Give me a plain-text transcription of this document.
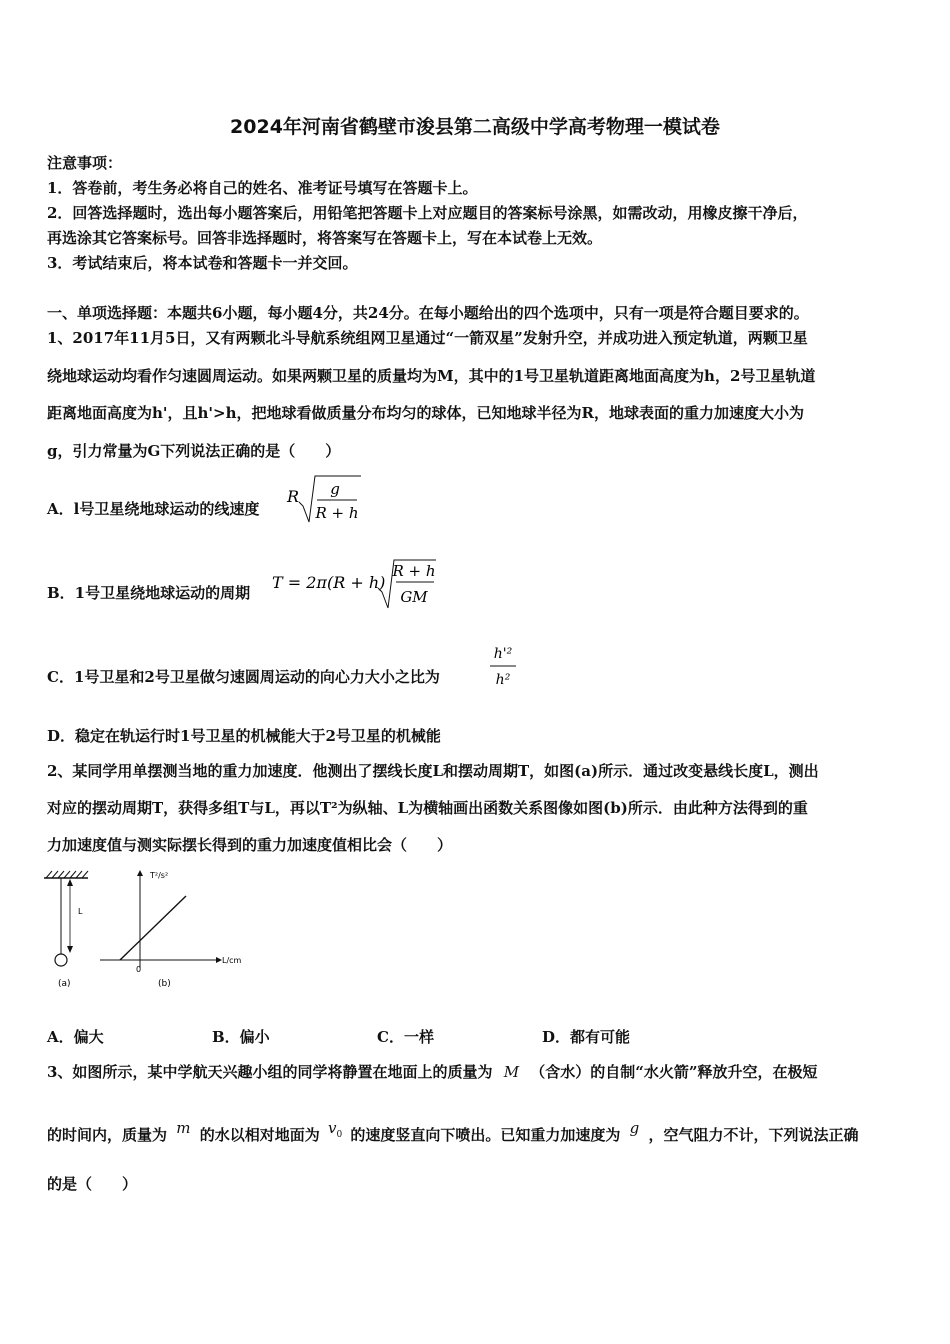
2024年河南省鹤壁市浚县第二高级中学高考物理一模试卷
注意事项：
1．答卷前，考生务必将自己的姓名、准考证号填写在答题卡上。
2．回答选择题时，选出每小题答案后，用铅笔把答题卡上对应题目的答案标号涂黑，如需改动，用橡皮擦干净后，
再选涂其它答案标号。回答非选择题时，将答案写在答题卡上，写在本试卷上无效。
3．考试结束后，将本试卷和答题卡一并交回。
一、单项选择题：本题共6小题，每小题4分，共24分。在每小题给出的四个选项中，只有一项是符合题目要求的。
1、2017年11月5日，又有两颗北斗导航系统组网卫星通过“一箭双星”发射升空，并成功进入预定轨道，两颗卫星
绕地球运动均看作匀速圆周运动。如果两颗卫星的质量均为M，其中的1号卫星轨道距离地面高度为h，2号卫星轨道
距离地面高度为h'，且h'>h，把地球看做质量分布均匀的球体，已知地球半径为R，地球表面的重力加速度大小为
g，引力常量为G下列说法正确的是（　　）
A．l号卫星绕地球运动的线速度
R g
R + h
B．1号卫星绕地球运动的周期
T = 2π(R + h)
R + h
GM
C．1号卫星和2号卫星做匀速圆周运动的向心力大小之比为
h'²
h²
D．稳定在轨运行时1号卫星的机械能大于2号卫星的机械能
2、某同学用单摆测当地的重力加速度．他测出了摆线长度L和摆动周期T，如图(a)所示．通过改变悬线长度L，测出
对应的摆动周期T，获得多组T与L，再以T²为纵轴、L为横轴画出函数关系图像如图(b)所示．由此种方法得到的重
力加速度值与测实际摆长得到的重力加速度值相比会（　　）
L
(a)
T²/s²
L/cm
0
(b)
A．偏大	B．偏小	C．一样	D．都有可能
3、如图所示，某中学航天兴趣小组的同学将静置在地面上的质量为 M （含水）的自制“水火箭”释放升空，在极短
的时间内，质量为 m 的水以相对地面为 $v_0$ 的速度竖直向下喷出。已知重力加速度为 g ，空气阻力不计，下列说法正确
的是（　　）
